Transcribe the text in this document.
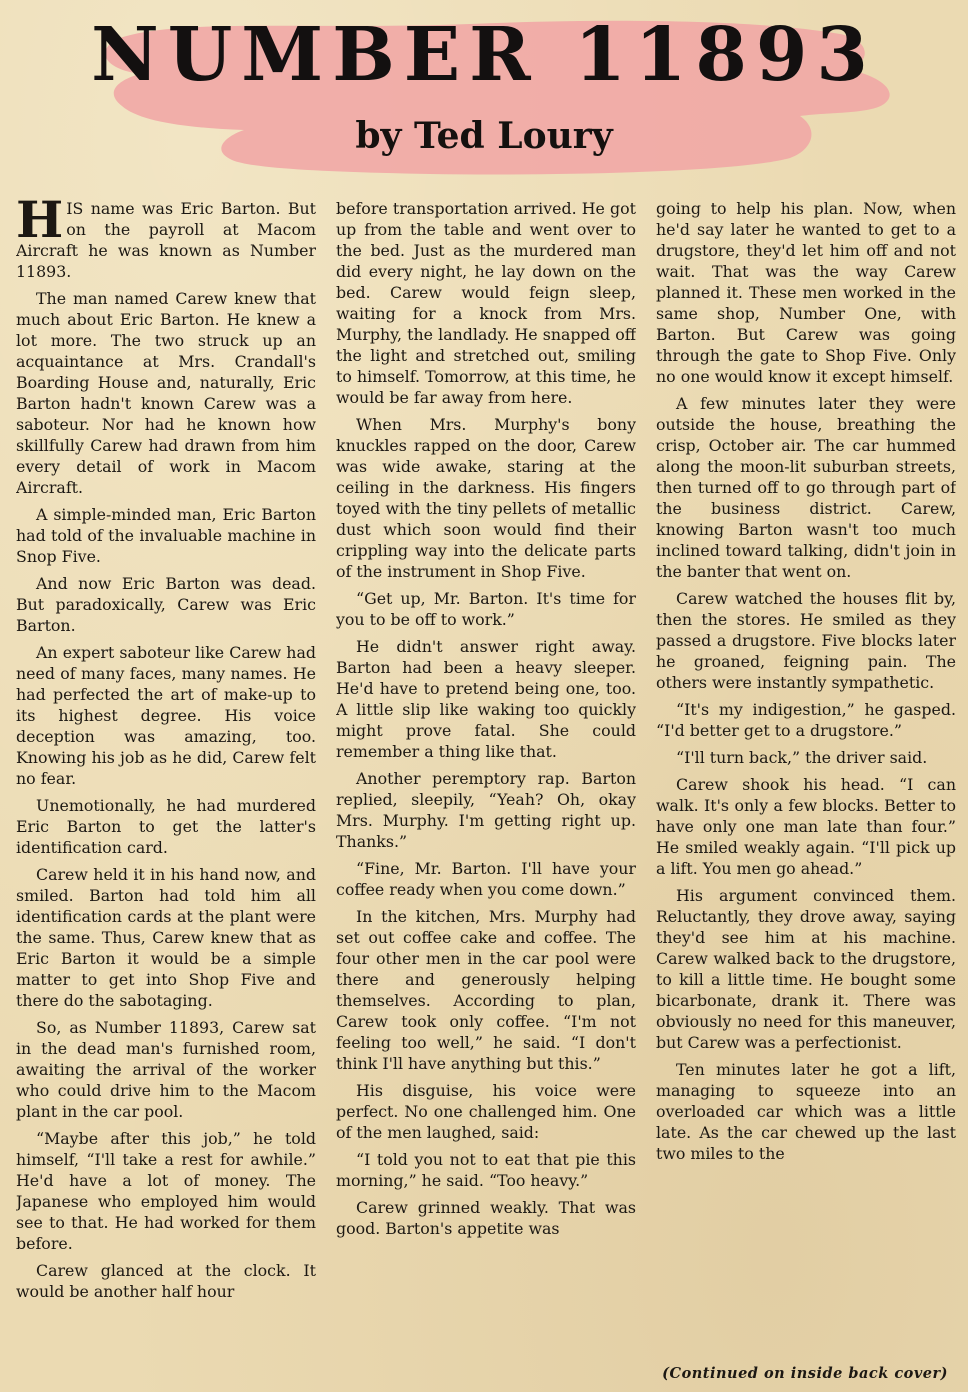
NUMBER 11893
by Ted Loury

HIS name was Eric Barton. But on the payroll at Macom Aircraft he was known as Number 11893.

The man named Carew knew that much about Eric Barton. He knew a lot more. The two struck up an acquaintance at Mrs. Crandall's Boarding House and, naturally, Eric Barton hadn't known Carew was a saboteur. Nor had he known how skillfully Carew had drawn from him every detail of work in Macom Aircraft.

A simple-minded man, Eric Barton had told of the invaluable machine in Snop Five.

And now Eric Barton was dead. But paradoxically, Carew was Eric Barton.

An expert saboteur like Carew had need of many faces, many names. He had perfected the art of make-up to its highest degree. His voice deception was amazing, too. Knowing his job as he did, Carew felt no fear.

Unemotionally, he had murdered Eric Barton to get the latter's identification card.

Carew held it in his hand now, and smiled. Barton had told him all identification cards at the plant were the same. Thus, Carew knew that as Eric Barton it would be a simple matter to get into Shop Five and there do the sabotaging.

So, as Number 11893, Carew sat in the dead man's furnished room, awaiting the arrival of the worker who could drive him to the Macom plant in the car pool.

“Maybe after this job,” he told himself, “I'll take a rest for awhile.” He'd have a lot of money. The Japanese who employed him would see to that. He had worked for them before.

Carew glanced at the clock. It would be another half hour

before transportation arrived. He got up from the table and went over to the bed. Just as the murdered man did every night, he lay down on the bed. Carew would feign sleep, waiting for a knock from Mrs. Murphy, the landlady. He snapped off the light and stretched out, smiling to himself. Tomorrow, at this time, he would be far away from here.

When Mrs. Murphy's bony knuckles rapped on the door, Carew was wide awake, staring at the ceiling in the darkness. His fingers toyed with the tiny pellets of metallic dust which soon would find their crippling way into the delicate parts of the instrument in Shop Five.

“Get up, Mr. Barton. It's time for you to be off to work.”

He didn't answer right away. Barton had been a heavy sleeper. He'd have to pretend being one, too. A little slip like waking too quickly might prove fatal. She could remember a thing like that.

Another peremptory rap. Barton replied, sleepily, “Yeah? Oh, okay Mrs. Murphy. I'm getting right up. Thanks.”

“Fine, Mr. Barton. I'll have your coffee ready when you come down.”

In the kitchen, Mrs. Murphy had set out coffee cake and coffee. The four other men in the car pool were there and generously helping themselves. According to plan, Carew took only coffee. “I'm not feeling too well,” he said. “I don't think I'll have anything but this.”

His disguise, his voice were perfect. No one challenged him. One of the men laughed, said:

“I told you not to eat that pie this morning,” he said. “Too heavy.”

Carew grinned weakly. That was good. Barton's appetite was

going to help his plan. Now, when he'd say later he wanted to get to a drugstore, they'd let him off and not wait. That was the way Carew planned it. These men worked in the same shop, Number One, with Barton. But Carew was going through the gate to Shop Five. Only no one would know it except himself.

A few minutes later they were outside the house, breathing the crisp, October air. The car hummed along the moon-lit suburban streets, then turned off to go through part of the business district. Carew, knowing Barton wasn't too much inclined toward talking, didn't join in the banter that went on.

Carew watched the houses flit by, then the stores. He smiled as they passed a drugstore. Five blocks later he groaned, feigning pain. The others were instantly sympathetic.

“It's my indigestion,” he gasped. “I'd better get to a drugstore.”

“I'll turn back,” the driver said.

Carew shook his head. “I can walk. It's only a few blocks. Better to have only one man late than four.” He smiled weakly again. “I'll pick up a lift. You men go ahead.”

His argument convinced them. Reluctantly, they drove away, saying they'd see him at his machine. Carew walked back to the drugstore, to kill a little time. He bought some bicarbonate, drank it. There was obviously no need for this maneuver, but Carew was a perfectionist.

Ten minutes later he got a lift, managing to squeeze into an overloaded car which was a little late. As the car chewed up the last two miles to the

(Continued on inside back cover)
